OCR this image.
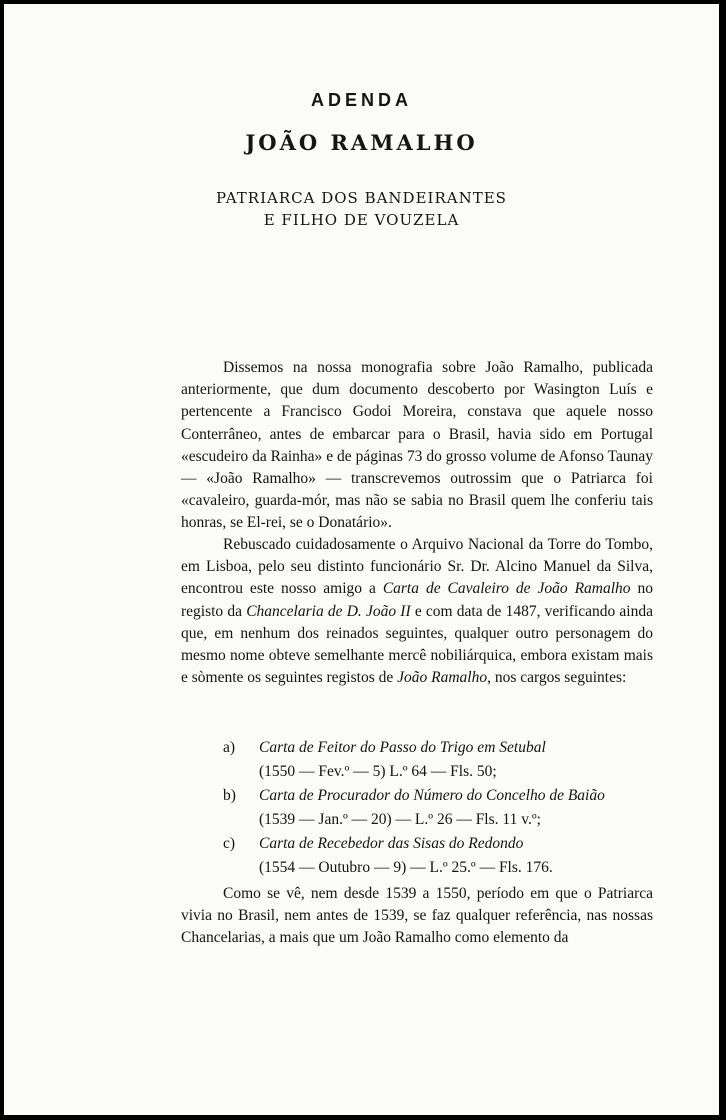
ADENDA
JOÃO RAMALHO
PATRIARCA DOS BANDEIRANTES
E FILHO DE VOUZELA

Dissemos na nossa monografia sobre João Ramalho, publicada anteriormente, que dum documento descoberto por Wasington Luís e pertencente a Francisco Godoi Moreira, constava que aquele nosso Conterrâneo, antes de embarcar para o Brasil, havia sido em Portugal «escudeiro da Rainha» e de páginas 73 do grosso volume de Afonso Taunay — «João Ramalho» — transcrevemos outrossim que o Patriarca foi «cavaleiro, guarda-mór, mas não se sabia no Brasil quem lhe conferiu tais honras, se El-rei, se o Donatário».

Rebuscado cuidadosamente o Arquivo Nacional da Torre do Tombo, em Lisboa, pelo seu distinto funcionário Sr. Dr. Alcino Manuel da Silva, encontrou este nosso amigo a Carta de Cavaleiro de João Ramalho no registo da Chancelaria de D. João II e com data de 1487, verificando ainda que, em nenhum dos reinados seguintes, qualquer outro personagem do mesmo nome obteve semelhante mercê nobiliárquica, embora existam mais e sòmente os seguintes registos de João Ramalho, nos cargos seguintes:

a)	Carta de Feitor do Passo do Trigo em Setubal
(1550 — Fev.º — 5) L.º 64 — Fls. 50;
b)	Carta de Procurador do Número do Concelho de Baião
(1539 — Jan.º — 20) — L.º 26 — Fls. 11 v.º;
c)	Carta de Recebedor das Sisas do Redondo
(1554 — Outubro — 9) — L.º 25.º — Fls. 176.

Como se vê, nem desde 1539 a 1550, período em que o Patriarca vivia no Brasil, nem antes de 1539, se faz qualquer referência, nas nossas Chancelarias, a mais que um João Ramalho como elemento da
